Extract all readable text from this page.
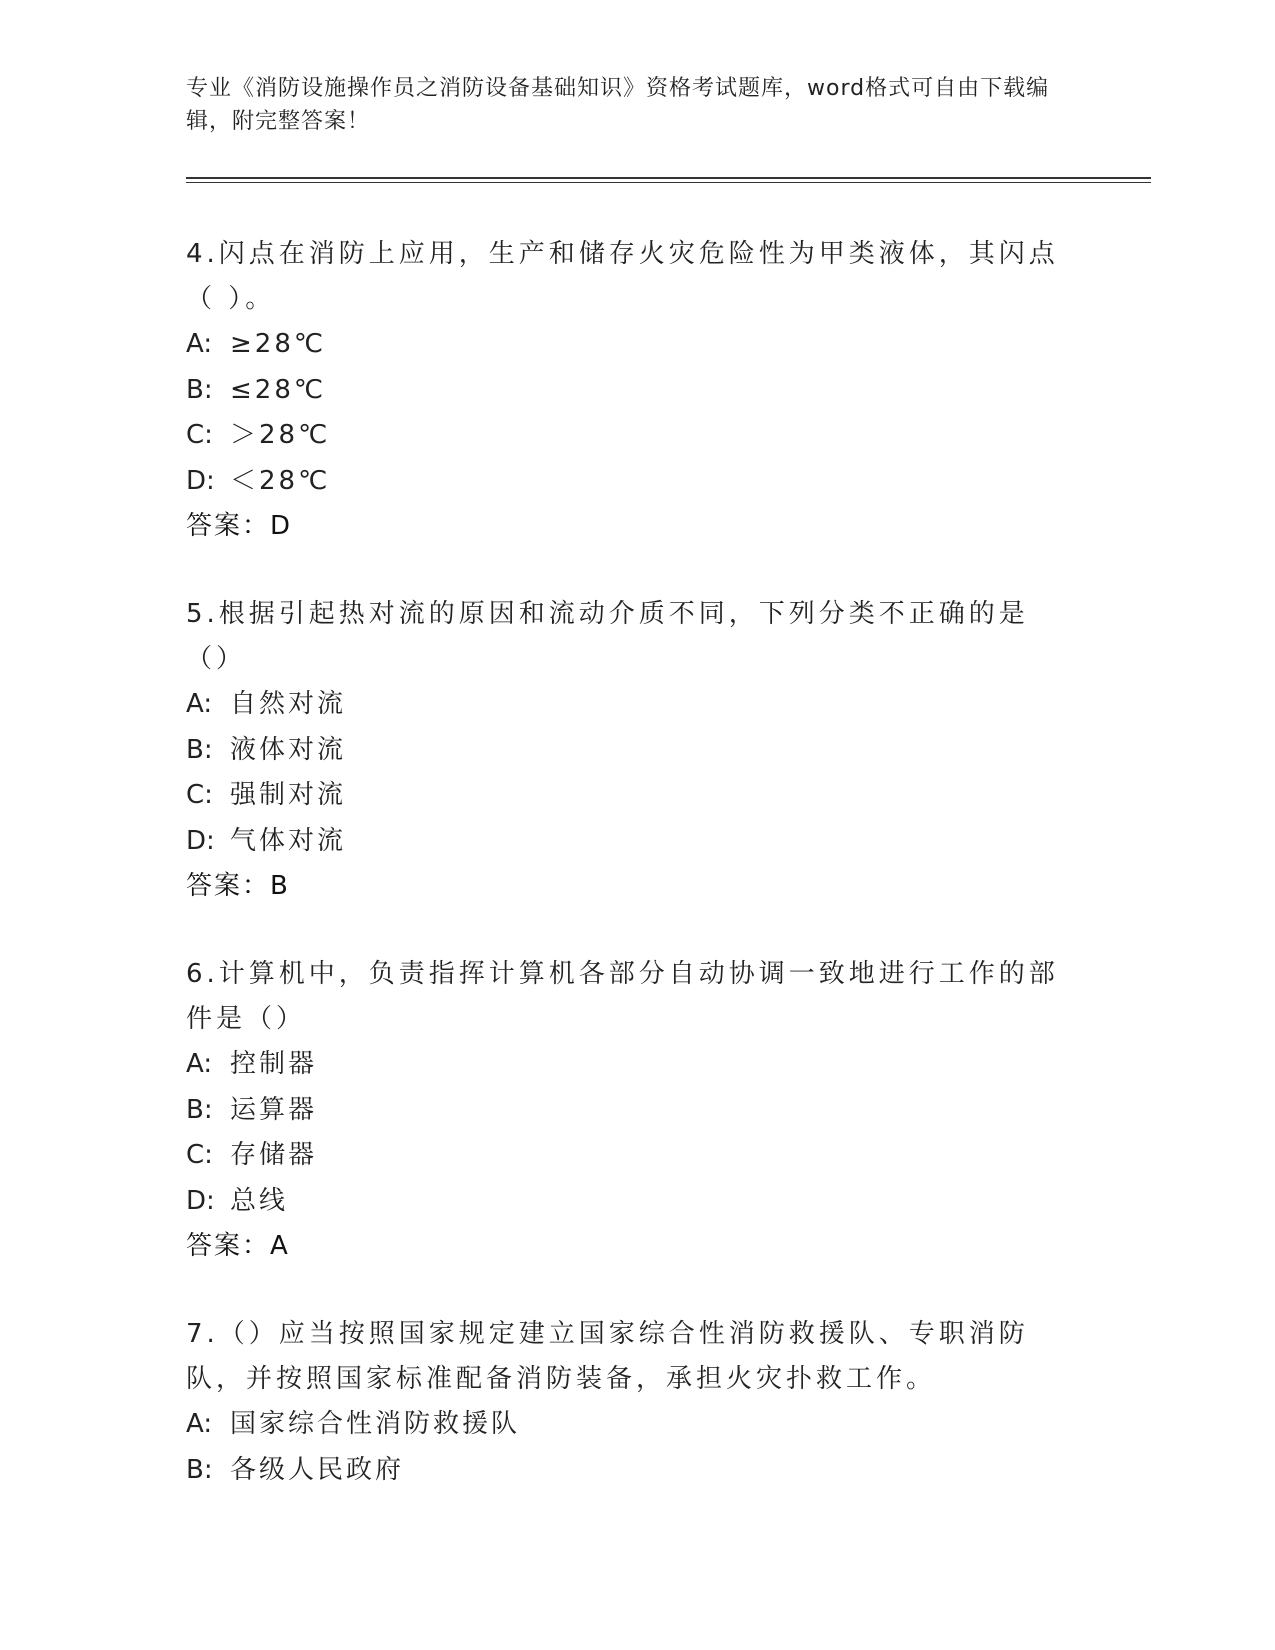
专业《消防设施操作员之消防设备基础知识》资格考试题库，word格式可自由下载编辑，附完整答案！

4.闪点在消防上应用，生产和储存火灾危险性为甲类液体，其闪点（ ）。

A: ≥28℃

B: ≤28℃

C: ＞28℃

D: ＜28℃

答案：D

5.根据引起热对流的原因和流动介质不同，下列分类不正确的是（）

A: 自然对流

B: 液体对流

C: 强制对流

D: 气体对流

答案：B

6.计算机中，负责指挥计算机各部分自动协调一致地进行工作的部件是（）

A: 控制器

B: 运算器

C: 存储器

D: 总线

答案：A

7.（）应当按照国家规定建立国家综合性消防救援队、专职消防队，并按照国家标准配备消防装备，承担火灾扑救工作。

A: 国家综合性消防救援队

B: 各级人民政府
